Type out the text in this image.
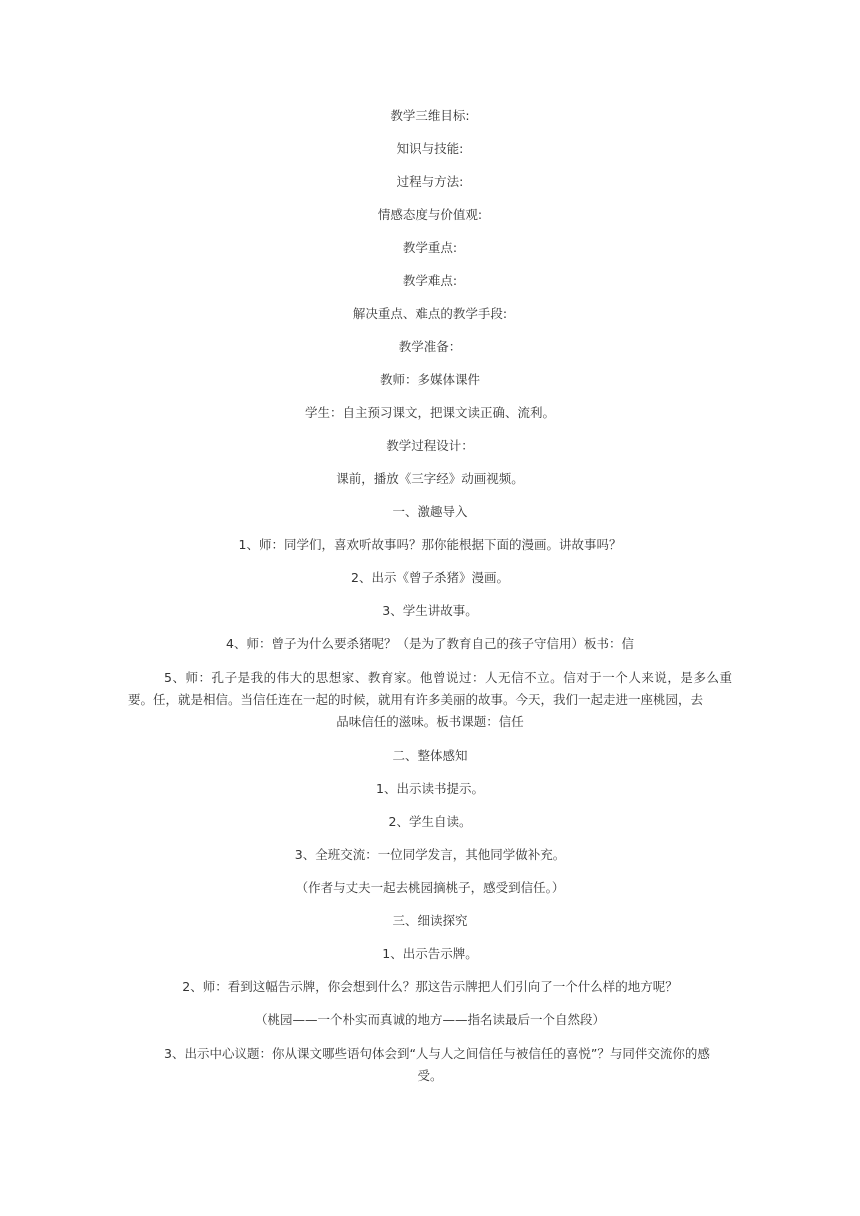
教学三维目标:

知识与技能:

过程与方法:

情感态度与价值观:

教学重点:

教学难点:

解决重点、难点的教学手段:

教学准备：

教师：多媒体课件

学生：自主预习课文，把课文读正确、流利。

教学过程设计：

课前，播放《三字经》动画视频。

一、激趣导入

1、师：同学们，喜欢听故事吗？那你能根据下面的漫画。讲故事吗？

2、出示《曾子杀猪》漫画。

3、学生讲故事。

4、师：曾子为什么要杀猪呢？（是为了教育自己的孩子守信用）板书：信

5、师：孔子是我的伟大的思想家、教育家。他曾说过：人无信不立。信对于一个人来说，是多么重要。任，就是相信。当信任连在一起的时候，就用有许多美丽的故事。今天，我们一起走进一座桃园，去
品味信任的滋味。板书课题：信任

二、整体感知

1、出示读书提示。

2、学生自读。

3、全班交流：一位同学发言，其他同学做补充。

（作者与丈夫一起去桃园摘桃子，感受到信任。）

三、细读探究

1、出示告示牌。

2、师：看到这幅告示牌，你会想到什么？那这告示牌把人们引向了一个什么样的地方呢？

（桃园——一个朴实而真诚的地方——指名读最后一个自然段）

3、出示中心议题：你从课文哪些语句体会到“人与人之间信任与被信任的喜悦”？与同伴交流你的感
受。
